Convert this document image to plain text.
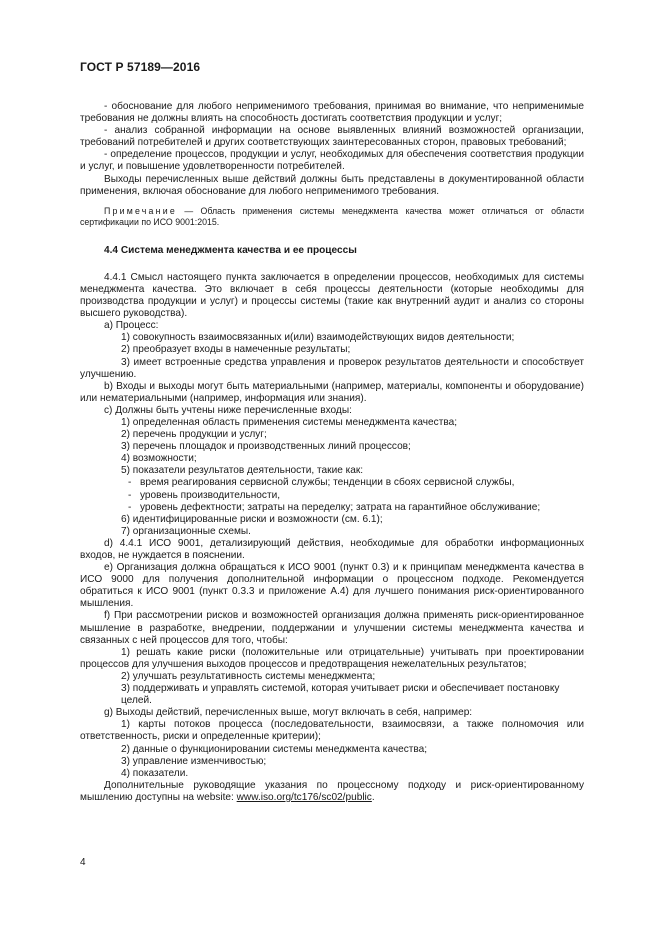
ГОСТ Р 57189—2016

- обоснование для любого неприменимого требования, принимая во внимание, что неприменимые требования не должны влиять на способность достигать соответствия продукции и услуг;

- анализ собранной информации на основе выявленных влияний возможностей организации, требований потребителей и других соответствующих заинтересованных сторон, правовых требований;

- определение процессов, продукции и услуг, необходимых для обеспечения соответствия продукции и услуг, и повышение удовлетворенности потребителей.

Выходы перечисленных выше действий должны быть представлены в документированной области применения, включая обоснование для любого неприменимого требования.

Примечание — Область применения системы менеджмента качества может отличаться от области сертификации по ИСО 9001:2015.

4.4 Система менеджмента качества и ее процессы

4.4.1 Смысл настоящего пункта заключается в определении процессов, необходимых для системы менеджмента качества. Это включает в себя процессы деятельности (которые необходимы для производства продукции и услуг) и процессы системы (такие как внутренний аудит и анализ со стороны высшего руководства).

а) Процесс:

1) совокупность взаимосвязанных и(или) взаимодействующих видов деятельности;

2) преобразует входы в намеченные результаты;

3) имеет встроенные средства управления и проверок результатов деятельности и способствует улучшению.

b) Входы и выходы могут быть материальными (например, материалы, компоненты и оборудование) или нематериальными (например, информация или знания).

с) Должны быть учтены ниже перечисленные входы:

1) определенная область применения системы менеджмента качества;

2) перечень продукции и услуг;

3) перечень площадок и производственных линий процессов;

4) возможности;

5) показатели результатов деятельности, такие как:

- время реагирования сервисной службы; тенденции в сбоях сервисной службы,

- уровень производительности,

- уровень дефектности; затраты на переделку; затрата на гарантийное обслуживание;

6) идентифицированные риски и возможности (см. 6.1);

7) организационные схемы.

d) 4.4.1 ИСО 9001, детализирующий действия, необходимые для обработки информационных входов, не нуждается в пояснении.

е) Организация должна обращаться к ИСО 9001 (пункт 0.3) и к принципам менеджмента качества в ИСО 9000 для получения дополнительной информации о процессном подходе. Рекомендуется обратиться к ИСО 9001 (пункт 0.3.3 и приложение А.4) для лучшего понимания риск-ориентированного мышления.

f) При рассмотрении рисков и возможностей организация должна применять риск-ориентированное мышление в разработке, внедрении, поддержании и улучшении системы менеджмента качества и связанных с ней процессов для того, чтобы:

1) решать какие риски (положительные или отрицательные) учитывать при проектировании процессов для улучшения выходов процессов и предотвращения нежелательных результатов;

2) улучшать результативность системы менеджмента;

3) поддерживать и управлять системой, которая учитывает риски и обеспечивает постановку целей.

g) Выходы действий, перечисленных выше, могут включать в себя, например:

1) карты потоков процесса (последовательности, взаимосвязи, а также полномочия или ответственность, риски и определенные критерии);

2) данные о функционировании системы менеджмента качества;

3) управление изменчивостью;

4) показатели.

Дополнительные руководящие указания по процессному подходу и риск-ориентированному мышлению доступны на website: www.iso.org/tc176/sc02/public.

4
